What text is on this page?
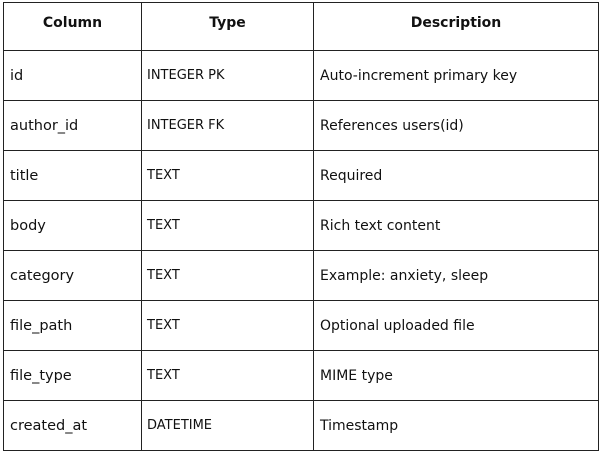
Column	Type	Description
id	INTEGER PK	Auto-increment primary key
author_id	INTEGER FK	References users(id)
title	TEXT	Required
body	TEXT	Rich text content
category	TEXT	Example: anxiety, sleep
file_path	TEXT	Optional uploaded file
file_type	TEXT	MIME type
created_at	DATETIME	Timestamp
